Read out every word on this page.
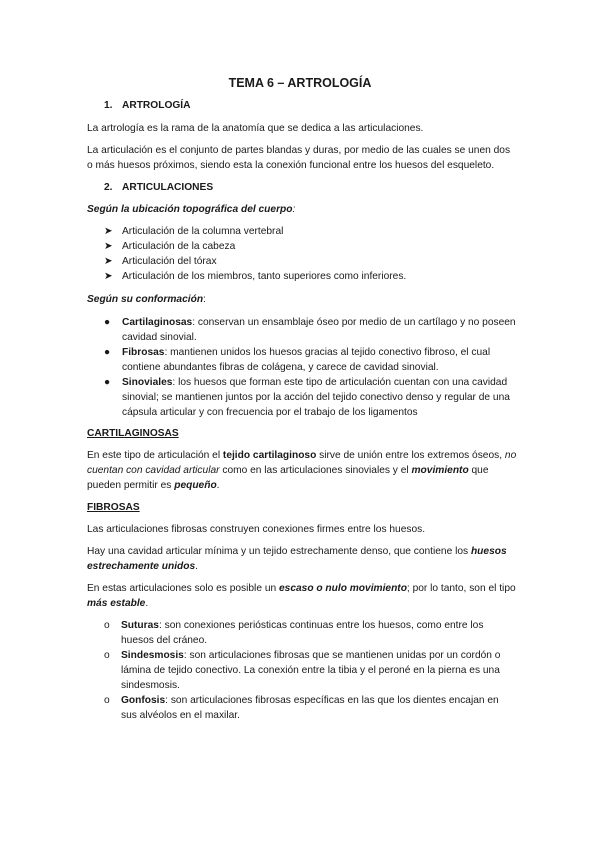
TEMA 6 – ARTROLOGÍA
1. ARTROLOGÍA
La artrología es la rama de la anatomía que se dedica a las articulaciones.
La articulación es el conjunto de partes blandas y duras, por medio de las cuales se unen dos o más huesos próximos, siendo esta la conexión funcional entre los huesos del esqueleto.
2. ARTICULACIONES
Según la ubicación topográfica del cuerpo:
➤ Articulación de la columna vertebral
➤ Articulación de la cabeza
➤ Articulación del tórax
➤ Articulación de los miembros, tanto superiores como inferiores.
Según su conformación:
● Cartilaginosas: conservan un ensamblaje óseo por medio de un cartílago y no poseen cavidad sinovial.
● Fibrosas: mantienen unidos los huesos gracias al tejido conectivo fibroso, el cual contiene abundantes fibras de colágena, y carece de cavidad sinovial.
● Sinoviales: los huesos que forman este tipo de articulación cuentan con una cavidad sinovial; se mantienen juntos por la acción del tejido conectivo denso y regular de una cápsula articular y con frecuencia por el trabajo de los ligamentos
CARTILAGINOSAS
En este tipo de articulación el tejido cartilaginoso sirve de unión entre los extremos óseos, no cuentan con cavidad articular como en las articulaciones sinoviales y el movimiento que pueden permitir es pequeño.
FIBROSAS
Las articulaciones fibrosas construyen conexiones firmes entre los huesos.
Hay una cavidad articular mínima y un tejido estrechamente denso, que contiene los huesos estrechamente unidos.
En estas articulaciones solo es posible un escaso o nulo movimiento; por lo tanto, son el tipo más estable.
o Suturas: son conexiones periósticas continuas entre los huesos, como entre los huesos del cráneo.
o Sindesmosis: son articulaciones fibrosas que se mantienen unidas por un cordón o lámina de tejido conectivo. La conexión entre la tibia y el peroné en la pierna es una sindesmosis.
o Gonfosis: son articulaciones fibrosas específicas en las que los dientes encajan en sus alvéolos en el maxilar.
